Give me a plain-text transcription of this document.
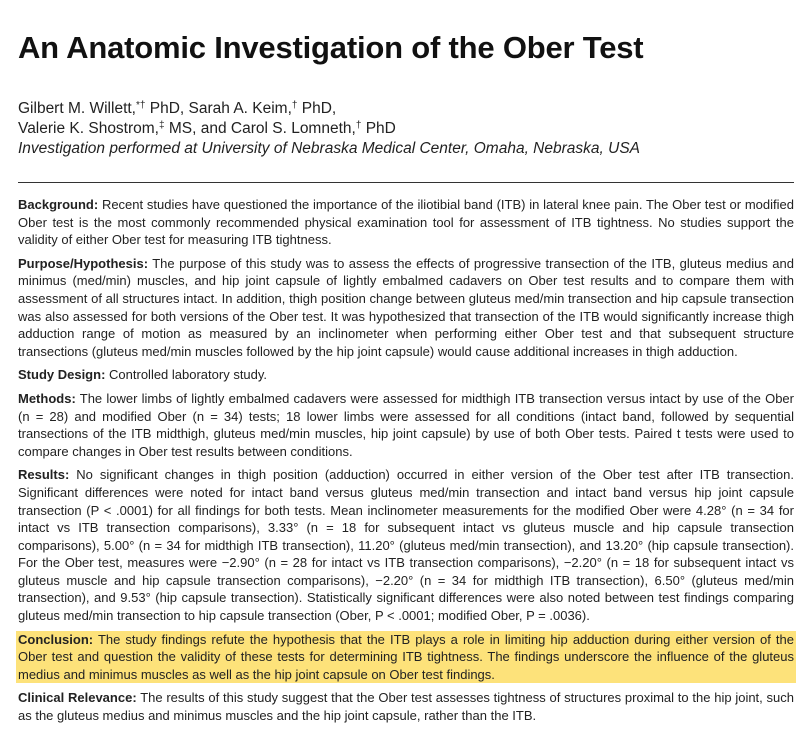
An Anatomic Investigation of the Ober Test
Gilbert M. Willett,*† PhD, Sarah A. Keim,† PhD,
Valerie K. Shostrom,‡ MS, and Carol S. Lomneth,† PhD
Investigation performed at University of Nebraska Medical Center, Omaha, Nebraska, USA

Background: Recent studies have questioned the importance of the iliotibial band (ITB) in lateral knee pain. The Ober test or modified Ober test is the most commonly recommended physical examination tool for assessment of ITB tightness. No studies support the validity of either Ober test for measuring ITB tightness.

Purpose/Hypothesis: The purpose of this study was to assess the effects of progressive transection of the ITB, gluteus medius and minimus (med/min) muscles, and hip joint capsule of lightly embalmed cadavers on Ober test results and to compare them with assessment of all structures intact. In addition, thigh position change between gluteus med/min transection and hip capsule transection was also assessed for both versions of the Ober test. It was hypothesized that transection of the ITB would significantly increase thigh adduction range of motion as measured by an inclinometer when performing either Ober test and that subsequent structure transections (gluteus med/min muscles followed by the hip joint capsule) would cause additional increases in thigh adduction.

Study Design: Controlled laboratory study.

Methods: The lower limbs of lightly embalmed cadavers were assessed for midthigh ITB transection versus intact by use of the Ober (n = 28) and modified Ober (n = 34) tests; 18 lower limbs were assessed for all conditions (intact band, followed by sequential transections of the ITB midthigh, gluteus med/min muscles, hip joint capsule) by use of both Ober tests. Paired t tests were used to compare changes in Ober test results between conditions.

Results: No significant changes in thigh position (adduction) occurred in either version of the Ober test after ITB transection. Significant differences were noted for intact band versus gluteus med/min transection and intact band versus hip joint capsule transection (P < .0001) for all findings for both tests. Mean inclinometer measurements for the modified Ober were 4.28° (n = 34 for intact vs ITB transection comparisons), 3.33° (n = 18 for subsequent intact vs gluteus muscle and hip capsule transection comparisons), 5.00° (n = 34 for midthigh ITB transection), 11.20° (gluteus med/min transection), and 13.20° (hip capsule transection). For the Ober test, measures were −2.90° (n = 28 for intact vs ITB transection comparisons), −2.20° (n = 18 for subsequent intact vs gluteus muscle and hip capsule transection comparisons), −2.20° (n = 34 for midthigh ITB transection), 6.50° (gluteus med/min transection), and 9.53° (hip capsule transection). Statistically significant differences were also noted between test findings comparing gluteus med/min transection to hip capsule transection (Ober, P < .0001; modified Ober, P = .0036).

Conclusion: The study findings refute the hypothesis that the ITB plays a role in limiting hip adduction during either version of the Ober test and question the validity of these tests for determining ITB tightness. The findings underscore the influence of the gluteus medius and minimus muscles as well as the hip joint capsule on Ober test findings.

Clinical Relevance: The results of this study suggest that the Ober test assesses tightness of structures proximal to the hip joint, such as the gluteus medius and minimus muscles and the hip joint capsule, rather than the ITB.
